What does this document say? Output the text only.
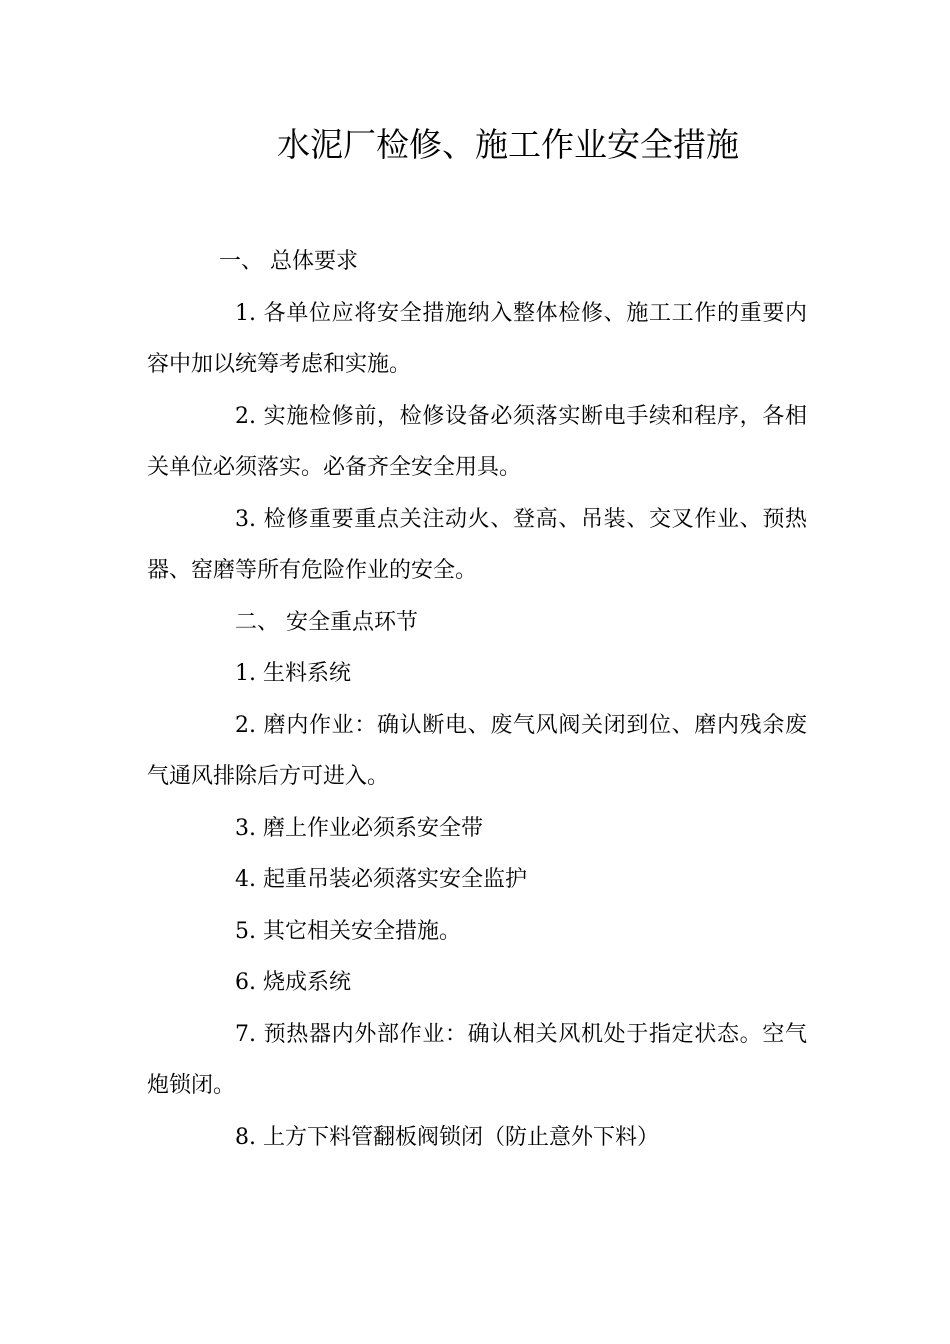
水泥厂检修、施工作业安全措施

一、 总体要求

1. 各单位应将安全措施纳入整体检修、施工工作的重要内容中加以统筹考虑和实施。

2. 实施检修前，检修设备必须落实断电手续和程序，各相关单位必须落实。必备齐全安全用具。

3. 检修重要重点关注动火、登高、吊装、交叉作业、预热器、窑磨等所有危险作业的安全。

二、 安全重点环节

1. 生料系统

2. 磨内作业：确认断电、废气风阀关闭到位、磨内残余废气通风排除后方可进入。

3. 磨上作业必须系安全带

4. 起重吊装必须落实安全监护

5. 其它相关安全措施。

6. 烧成系统

7. 预热器内外部作业：确认相关风机处于指定状态。空气炮锁闭。

8. 上方下料管翻板阀锁闭（防止意外下料）
